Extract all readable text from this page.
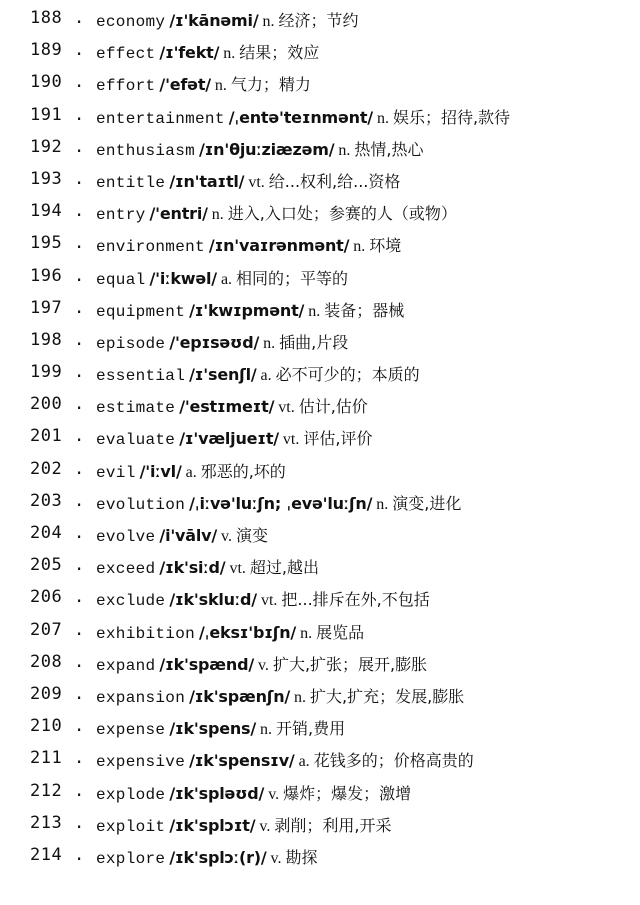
188 . economy /ɪ'kānəmi/ n. 经济；节约
189 . effect /ɪ'fekt/ n. 结果；效应
190 . effort /'efət/ n. 气力；精力
191 . entertainment /ˌentə'teɪnmənt/ n. 娱乐；招待,款待
192 . enthusiasm /ɪn'θjuːziæzəm/ n. 热情,热心
193 . entitle /ɪn'taɪtl/ vt. 给...权利,给...资格
194 . entry /'entri/ n. 进入,入口处；参赛的人（或物）
195 . environment /ɪn'vaɪrənmənt/ n. 环境
196 . equal /'iːkwəl/ a. 相同的；平等的
197 . equipment /ɪ'kwɪpmənt/ n. 装备；器械
198 . episode /'epɪsəʊd/ n. 插曲,片段
199 . essential /ɪ'senʃl/ a. 必不可少的；本质的
200 . estimate /'estɪmeɪt/ vt. 估计,估价
201 . evaluate /ɪ'væljueɪt/ vt. 评估,评价
202 . evil /'iːvl/ a. 邪恶的,坏的
203 . evolution /ˌiːvə'luːʃn; ˌevə'luːʃn/ n. 演变,进化
204 . evolve /i'vālv/ v. 演变
205 . exceed /ɪk'siːd/ vt. 超过,越出
206 . exclude /ɪk'skluːd/ vt. 把...排斥在外,不包括
207 . exhibition /ˌeksɪ'bɪʃn/ n. 展览品
208 . expand /ɪk'spænd/ v. 扩大,扩张；展开,膨胀
209 . expansion /ɪk'spænʃn/ n. 扩大,扩充；发展,膨胀
210 . expense /ɪk'spens/ n. 开销,费用
211 . expensive /ɪk'spensɪv/ a. 花钱多的；价格高贵的
212 . explode /ɪk'spləʊd/ v. 爆炸；爆发；激增
213 . exploit /ɪk'splɔɪt/ v. 剥削；利用,开采
214 . explore /ɪk'splɔː(r)/ v. 勘探
